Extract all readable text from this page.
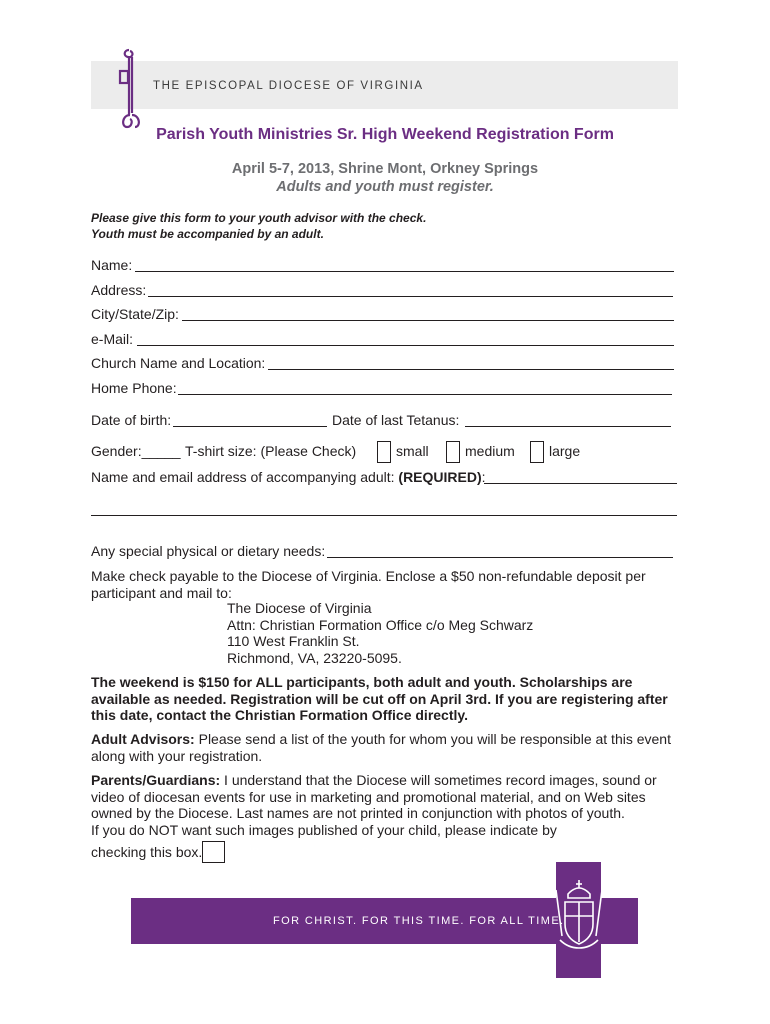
THE EPISCOPAL DIOCESE OF VIRGINIA
Parish Youth Ministries Sr. High Weekend Registration Form
April 5-7, 2013, Shrine Mont, Orkney Springs
Adults and youth must register.
Please give this form to your youth advisor with the check.
Youth must be accompanied by an adult.
Name:
Address:
City/State/Zip:
e-Mail:
Church Name and Location:
Home Phone:
Date of birth:	Date of last Tetanus:
Gender:_____ T-shirt size: (Please Check)	small	medium large
Name and email address of accompanying adult: (REQUIRED):
Any special physical or dietary needs:
Make check payable to the Diocese of Virginia. Enclose a $50 non-refundable deposit per
participant and mail to:
The Diocese of Virginia
Attn: Christian Formation Office c/o Meg Schwarz
110 West Franklin St.
Richmond, VA, 23220-5095.
The weekend is $150 for ALL participants, both adult and youth. Scholarships are
available as needed. Registration will be cut off on April 3rd. If you are registering after
this date, contact the Christian Formation Office directly.
Adult Advisors: Please send a list of the youth for whom you will be responsible at this event
along with your registration.
Parents/Guardians: I understand that the Diocese will sometimes record images, sound or
video of diocesan events for use in marketing and promotional material, and on Web sites
owned by the Diocese. Last names are not printed in conjunction with photos of youth.
If you do NOT want such images published of your child, please indicate by
checking this box.
FOR CHRIST. FOR THIS TIME. FOR ALL TIME.
